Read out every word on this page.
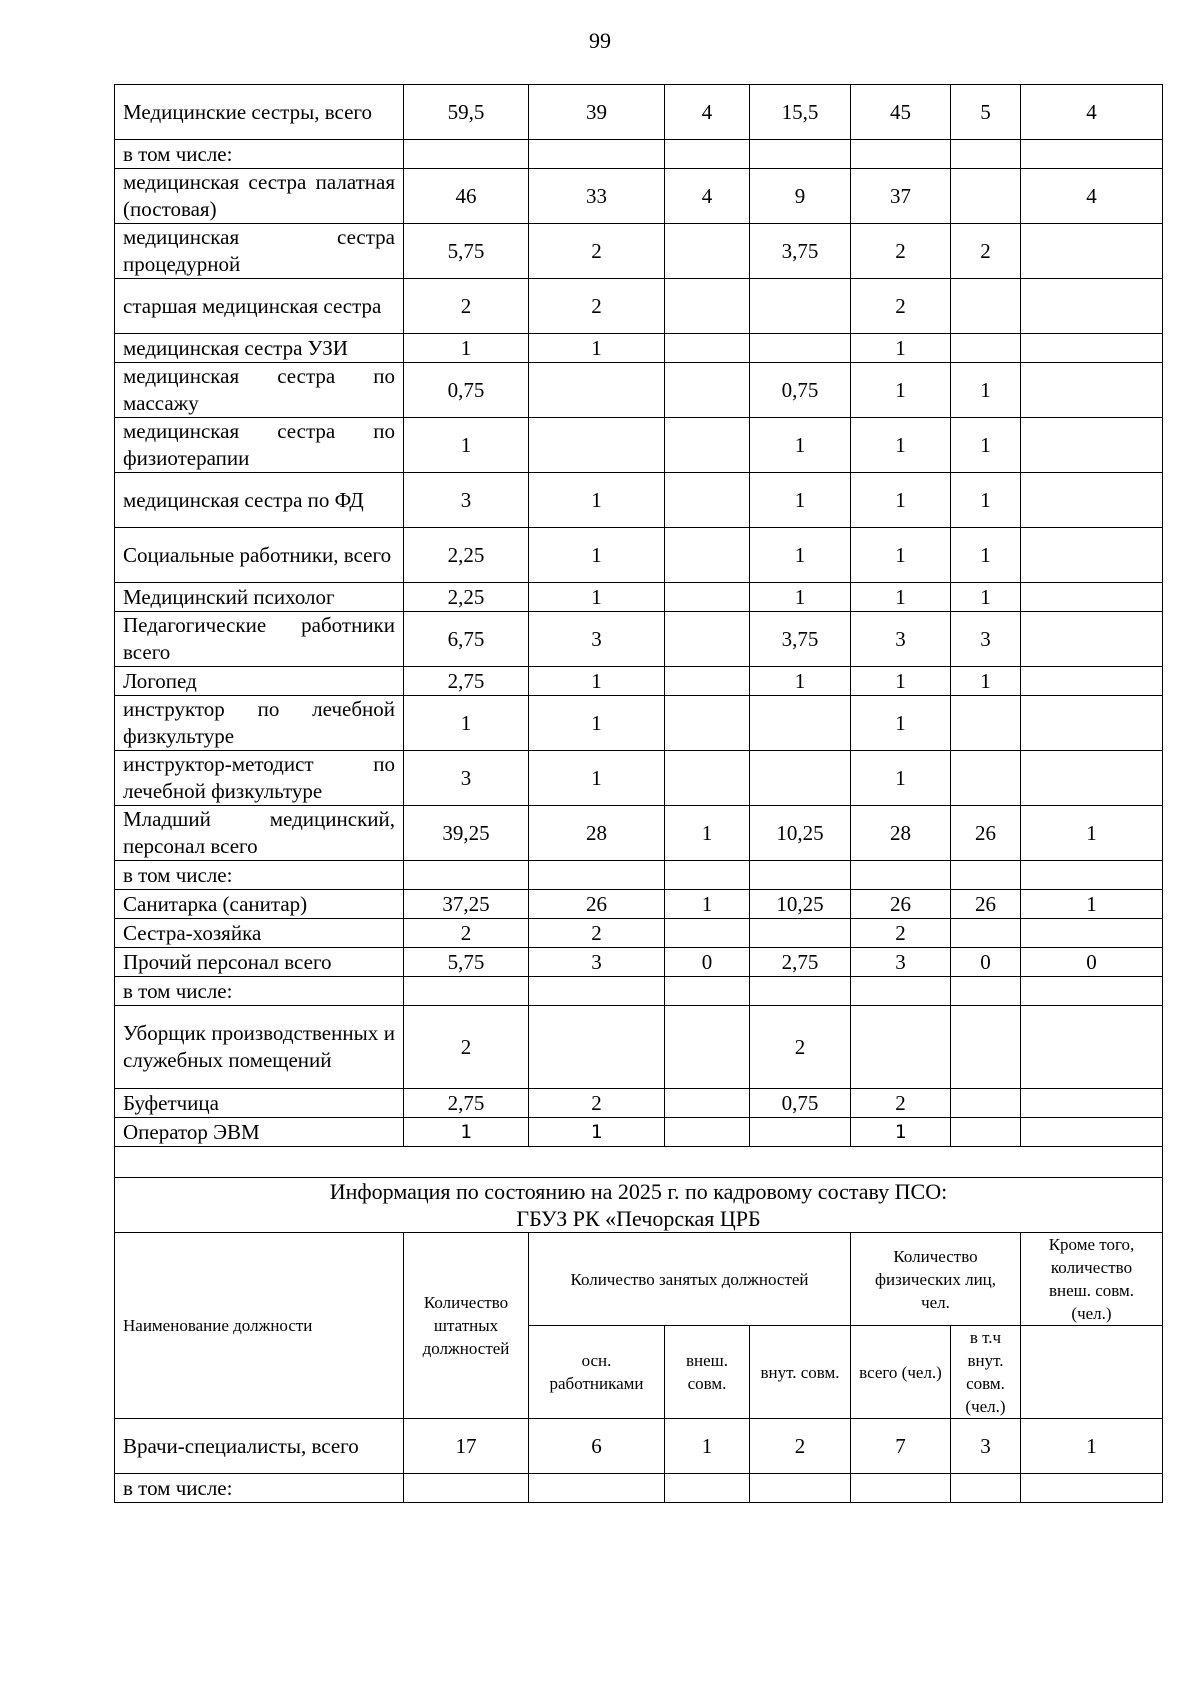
99
Медицинские сестры, всего	59,5	39	4	15,5	45	5	4
в том числе:							
медицинская сестра палатная (постовая)	46	33	4	9	37		4
медицинская сестра процедурной	5,75	2		3,75	2	2	
старшая медицинская сестра	2	2			2		
медицинская сестра УЗИ	1	1			1		
медицинская сестра по массажу	0,75			0,75	1	1	
медицинская сестра по физиотерапии	1			1	1	1	
медицинская сестра по ФД	3	1		1	1	1	
Социальные работники, всего	2,25	1		1	1	1	
Медицинский психолог	2,25	1		1	1	1	
Педагогические работники всего	6,75	3		3,75	3	3	
Логопед	2,75	1		1	1	1	
инструктор по лечебной физкультуре	1	1			1		
инструктор-методист по лечебной физкультуре	3	1			1		
Младший медицинский, персонал всего	39,25	28	1	10,25	28	26	1
в том числе:							
Санитарка (санитар)	37,25	26	1	10,25	26	26	1
Сестра-хозяйка	2	2			2		
Прочий персонал всего	5,75	3	0	2,75	3	0	0
в том числе:							
Уборщик производственных и служебных помещений	2			2			
Буфетчица	2,75	2		0,75	2		
Оператор ЭВМ	1	1			1		

Информация по состоянию на 2025 г. по кадровому составу ПСО:
ГБУЗ РК «Печорская ЦРБ							

Наименование должности	Количество штатных должностей	Количество занятых должностей			Количество физических лиц, чел.		Кроме того, количество внеш. совм. (чел.)
		осн. работниками	внеш. совм.	внут. совм.	всего (чел.)	в т.ч внут. совм. (чел.)	
Врачи-специалисты, всего	17	6	1	2	7	3	1
в том числе:							
